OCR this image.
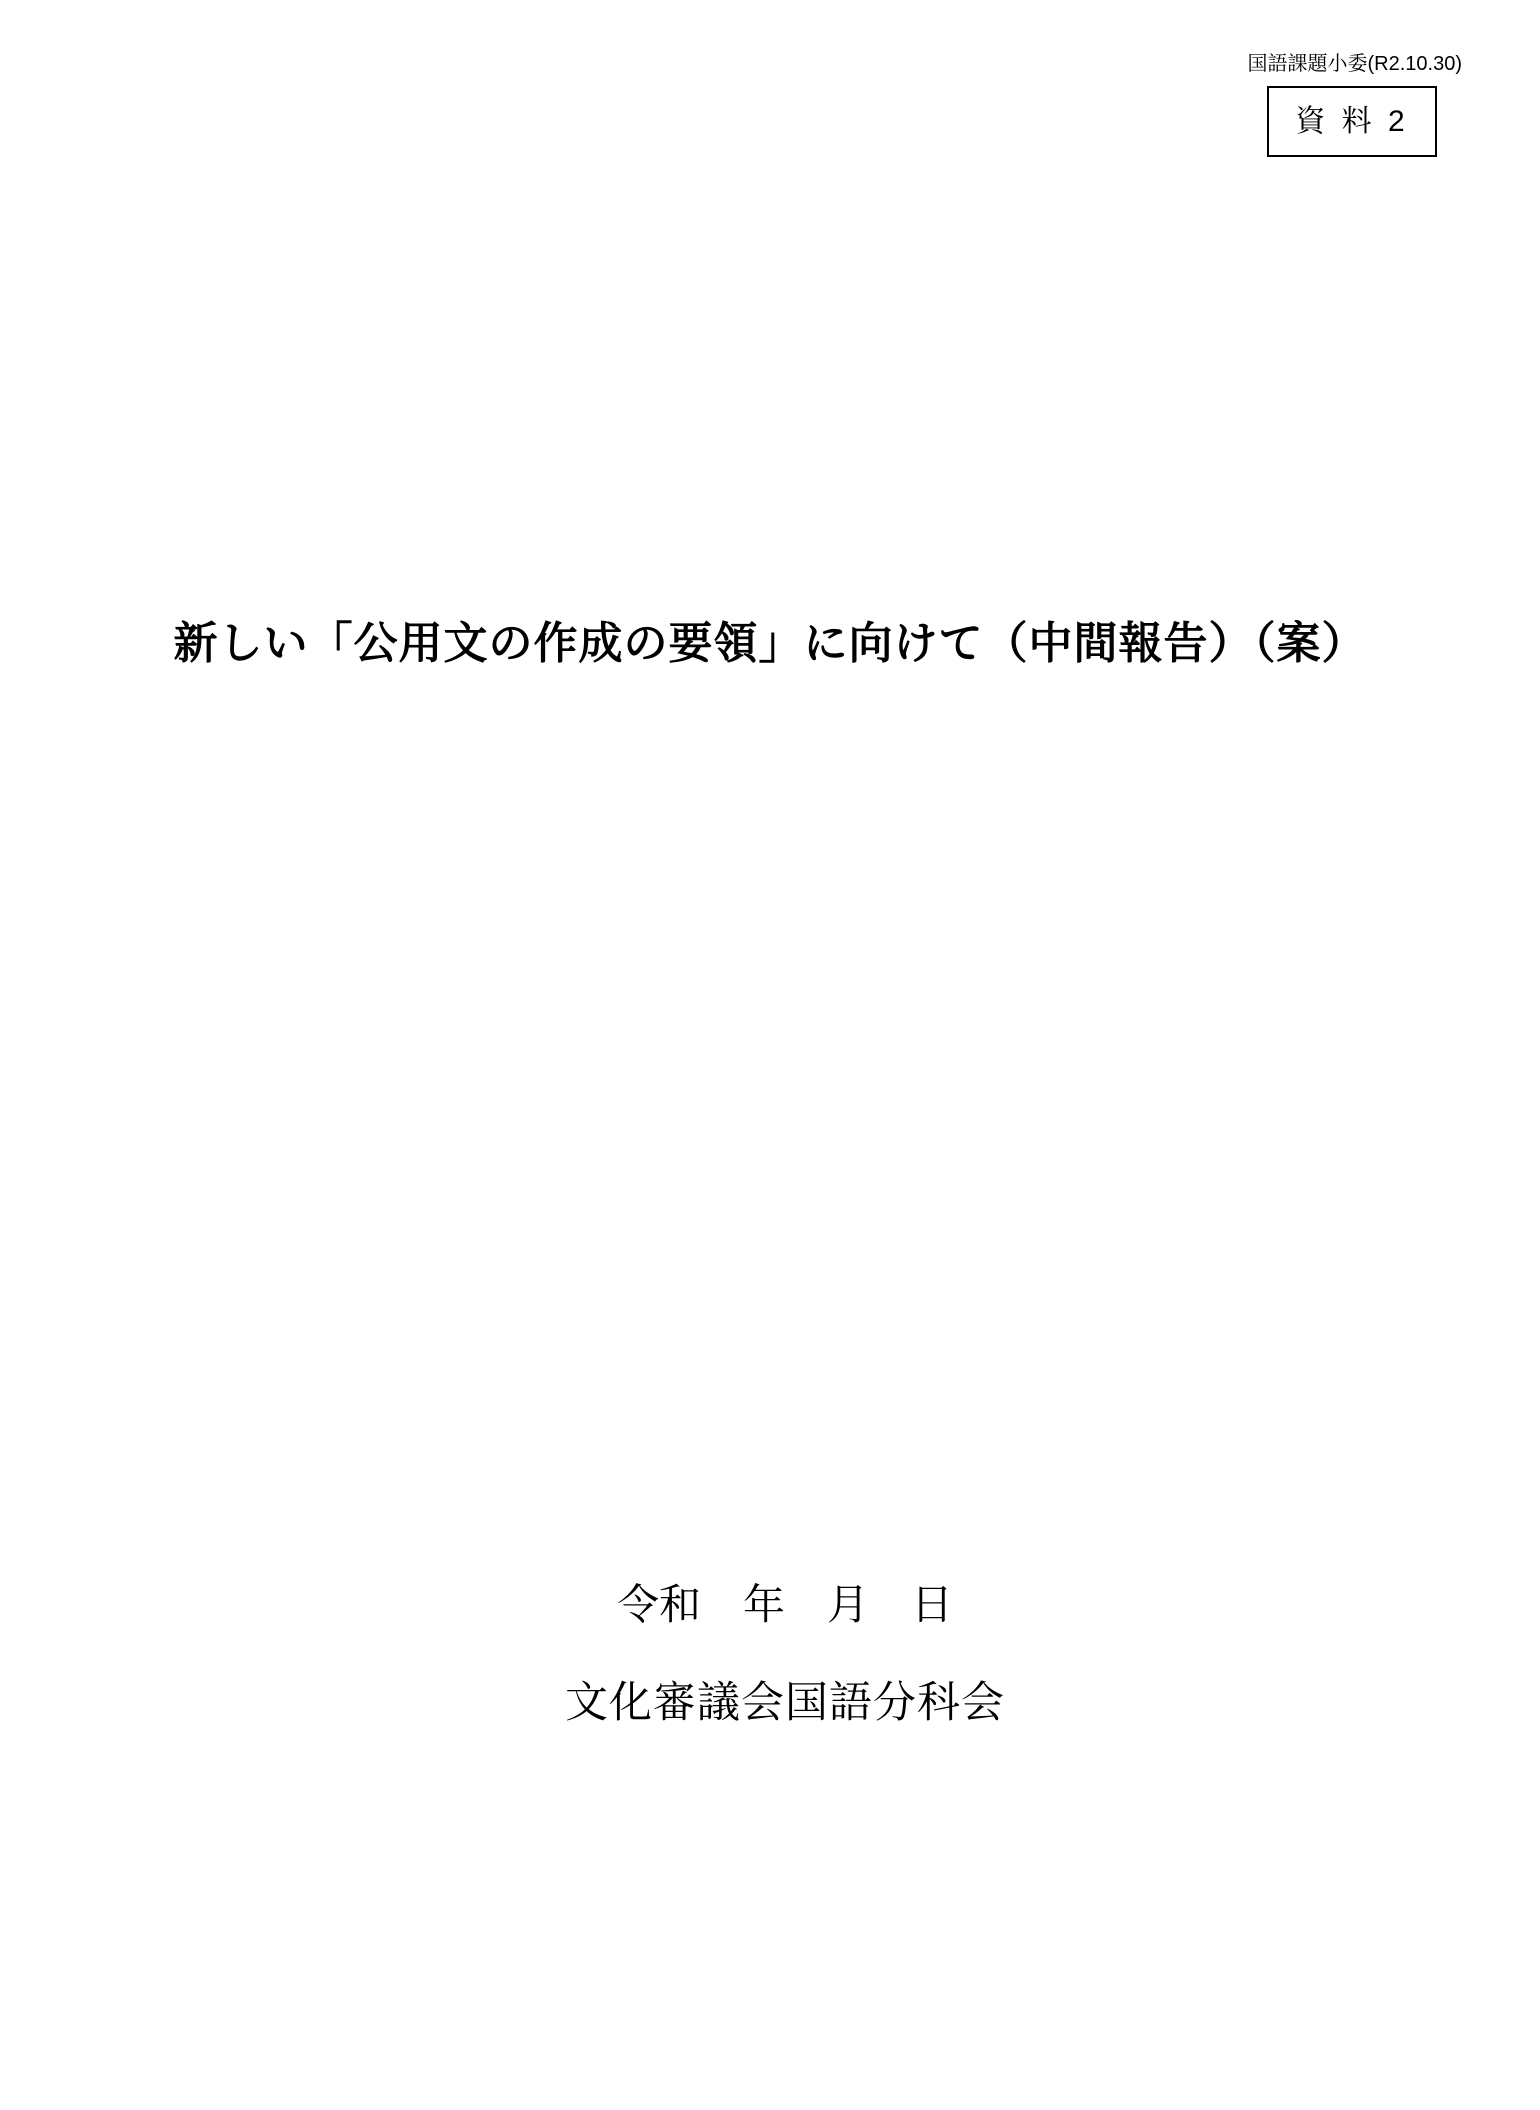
国語課題小委(R2.10.30)
資 料 2
新しい「公用文の作成の要領」に向けて（中間報告）（案）
令和　年　月　日
文化審議会国語分科会
